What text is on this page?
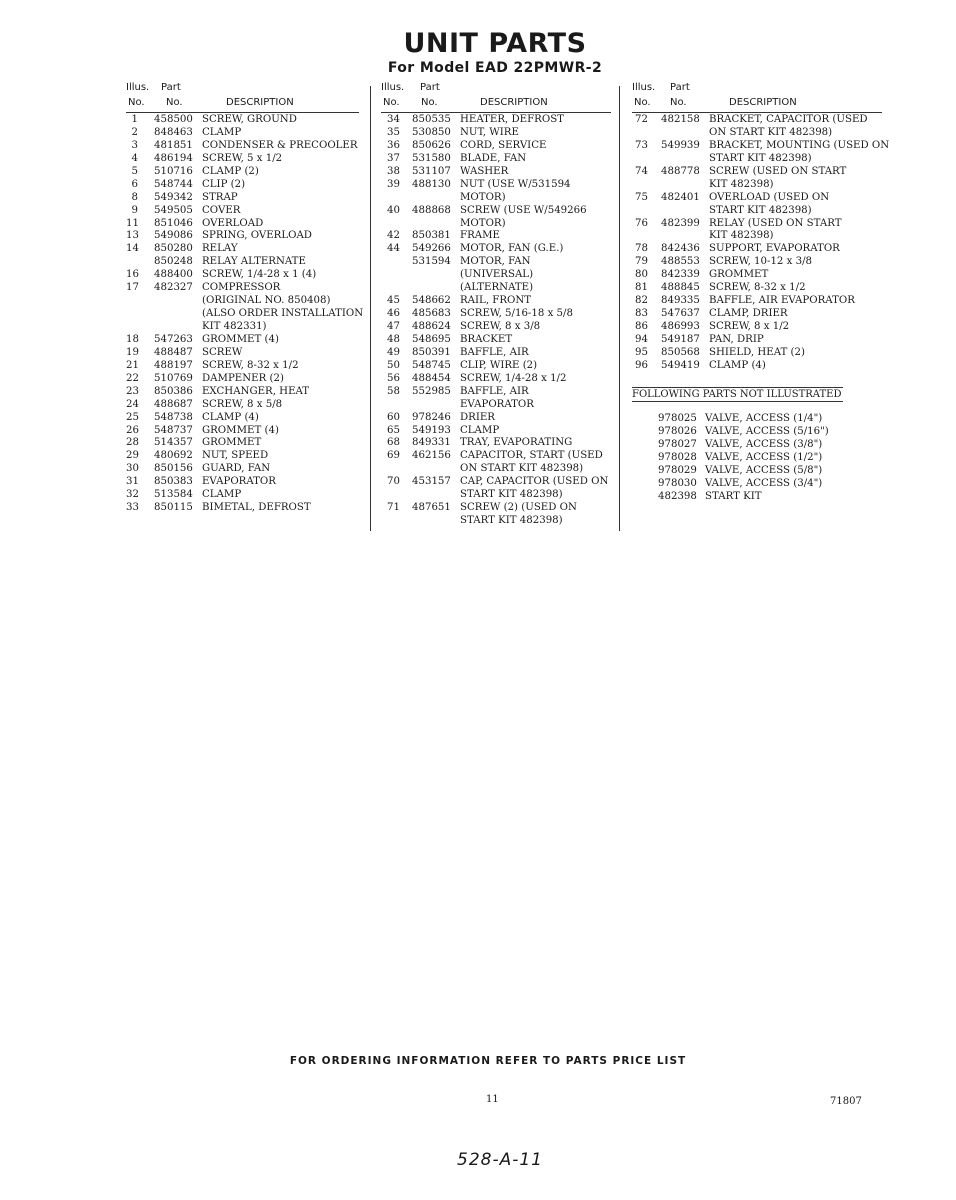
UNIT PARTS
For Model EAD 22PMWR-2
Illus. Part
No. No.	DESCRIPTION
1 458500 SCREW, GROUND
2 848463 CLAMP
3 481851 CONDENSER & PRECOOLER
4 486194 SCREW, 5 x 1/2
5 510716 CLAMP (2)
6 548744 CLIP (2)
8 549342 STRAP
9 549505 COVER
11 851046 OVERLOAD
13 549086 SPRING, OVERLOAD
14 850280 RELAY
850248 RELAY ALTERNATE
16 488400 SCREW, 1/4-28 x 1 (4)
17 482327 COMPRESSOR
(ORIGINAL NO. 850408)
(ALSO ORDER INSTALLATION
KIT 482331)
18 547263 GROMMET (4)
19 488487 SCREW
21 488197 SCREW, 8-32 x 1/2
22 510769 DAMPENER (2)
23 850386 EXCHANGER, HEAT
24 488687 SCREW, 8 x 5/8
25 548738 CLAMP (4)
26 548737 GROMMET (4)
28 514357 GROMMET
29 480692 NUT, SPEED
30 850156 GUARD, FAN
31 850383 EVAPORATOR
32 513584 CLAMP
33 850115 BIMETAL, DEFROST
Illus. Part
No. No.	DESCRIPTION
34 850535 HEATER, DEFROST
35 530850 NUT, WIRE
36 850626 CORD, SERVICE
37 531580 BLADE, FAN
38 531107 WASHER
39 488130 NUT (USE W/531594
MOTOR)
40 488868 SCREW (USE W/549266
MOTOR)
42 850381 FRAME
44 549266 MOTOR, FAN (G.E.)
531594 MOTOR, FAN
(UNIVERSAL)
(ALTERNATE)
45 548662 RAIL, FRONT
46 485683 SCREW, 5/16-18 x 5/8
47 488624 SCREW, 8 x 3/8
48 548695 BRACKET
49 850391 BAFFLE, AIR
50 548745 CLIP, WIRE (2)
56 488454 SCREW, 1/4-28 x 1/2
58 552985 BAFFLE, AIR
EVAPORATOR
60 978246 DRIER
65 549193 CLAMP
68 849331 TRAY, EVAPORATING
69 462156 CAPACITOR, START (USED
ON START KIT 482398)
70 453157 CAP, CAPACITOR (USED ON
START KIT 482398)
71 487651 SCREW (2) (USED ON
START KIT 482398)
Illus. Part
No. No.	DESCRIPTION
72 482158 BRACKET, CAPACITOR (USED
ON START KIT 482398)
73 549939 BRACKET, MOUNTING (USED ON
START KIT 482398)
74 488778 SCREW (USED ON START
KIT 482398)
75 482401 OVERLOAD (USED ON
START KIT 482398)
76 482399 RELAY (USED ON START
KIT 482398)
78 842436 SUPPORT, EVAPORATOR
79 488553 SCREW, 10-12 x 3/8
80 842339 GROMMET
81 488845 SCREW, 8-32 x 1/2
82 849335 BAFFLE, AIR EVAPORATOR
83 547637 CLAMP, DRIER
86 486993 SCREW, 8 x 1/2
94 549187 PAN, DRIP
95 850568 SHIELD, HEAT (2)
96 549419 CLAMP (4)
FOLLOWING PARTS NOT ILLUSTRATED
978025 VALVE, ACCESS (1/4")
978026 VALVE, ACCESS (5/16")
978027 VALVE, ACCESS (3/8")
978028 VALVE, ACCESS (1/2")
978029 VALVE, ACCESS (5/8")
978030 VALVE, ACCESS (3/4")
482398 START KIT
FOR ORDERING INFORMATION REFER TO PARTS PRICE LIST
11	71807
528-A-11
